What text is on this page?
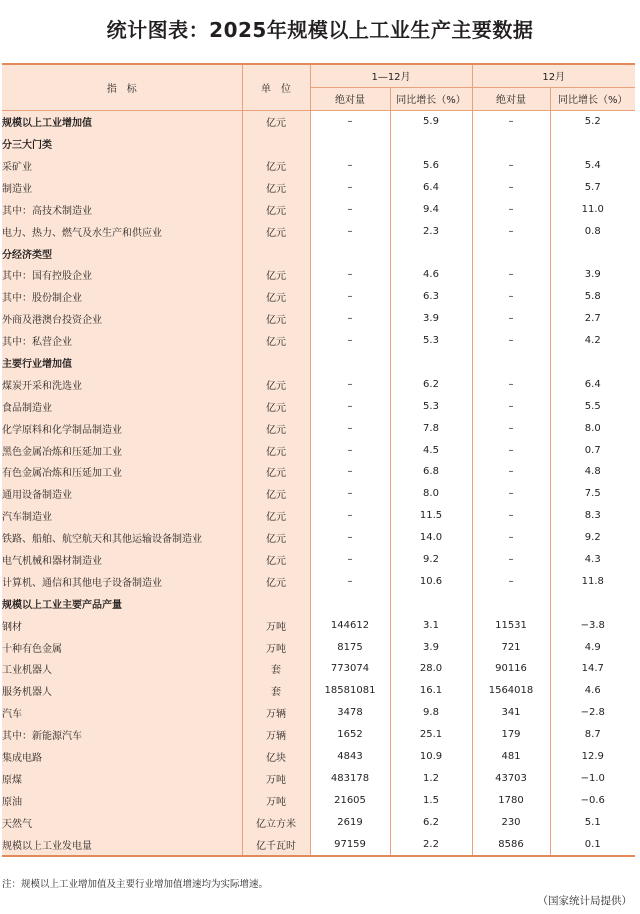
统计图表：2025年规模以上工业生产主要数据
指　标	单　位	1—12月		12月	
		绝对量	同比增长（%）	绝对量	同比增长（%）
规模以上工业增加值	亿元	–	5.9	–	5.2
分三大门类					
采矿业	亿元	–	5.6	–	5.4
制造业	亿元	–	6.4	–	5.7
其中：高技术制造业	亿元	–	9.4	–	11.0
电力、热力、燃气及水生产和供应业	亿元	–	2.3	–	0.8
分经济类型					
其中：国有控股企业	亿元	–	4.6	–	3.9
其中：股份制企业	亿元	–	6.3	–	5.8
外商及港澳台投资企业	亿元	–	3.9	–	2.7
其中：私营企业	亿元	–	5.3	–	4.2
主要行业增加值					
煤炭开采和洗选业	亿元	–	6.2	–	6.4
食品制造业	亿元	–	5.3	–	5.5
化学原料和化学制品制造业	亿元	–	7.8	–	8.0
黑色金属冶炼和压延加工业	亿元	–	4.5	–	0.7
有色金属冶炼和压延加工业	亿元	–	6.8	–	4.8
通用设备制造业	亿元	–	8.0	–	7.5
汽车制造业	亿元	–	11.5	–	8.3
铁路、船舶、航空航天和其他运输设备制造业	亿元	–	14.0	–	9.2
电气机械和器材制造业	亿元	–	9.2	–	4.3
计算机、通信和其他电子设备制造业	亿元	–	10.6	–	11.8
规模以上工业主要产品产量					
钢材	万吨	144612	3.1	11531	−3.8
十种有色金属	万吨	8175	3.9	721	4.9
工业机器人	套	773074	28.0	90116	14.7
服务机器人	套	18581081	16.1	1564018	4.6
汽车	万辆	3478	9.8	341	−2.8
其中：新能源汽车	万辆	1652	25.1	179	8.7
集成电路	亿块	4843	10.9	481	12.9
原煤	万吨	483178	1.2	43703	−1.0
原油	万吨	21605	1.5	1780	−0.6
天然气	亿立方米	2619	6.2	230	5.1
规模以上工业发电量	亿千瓦时	97159	2.2	8586	0.1
注：规模以上工业增加值及主要行业增加值增速均为实际增速。
（国家统计局提供）
